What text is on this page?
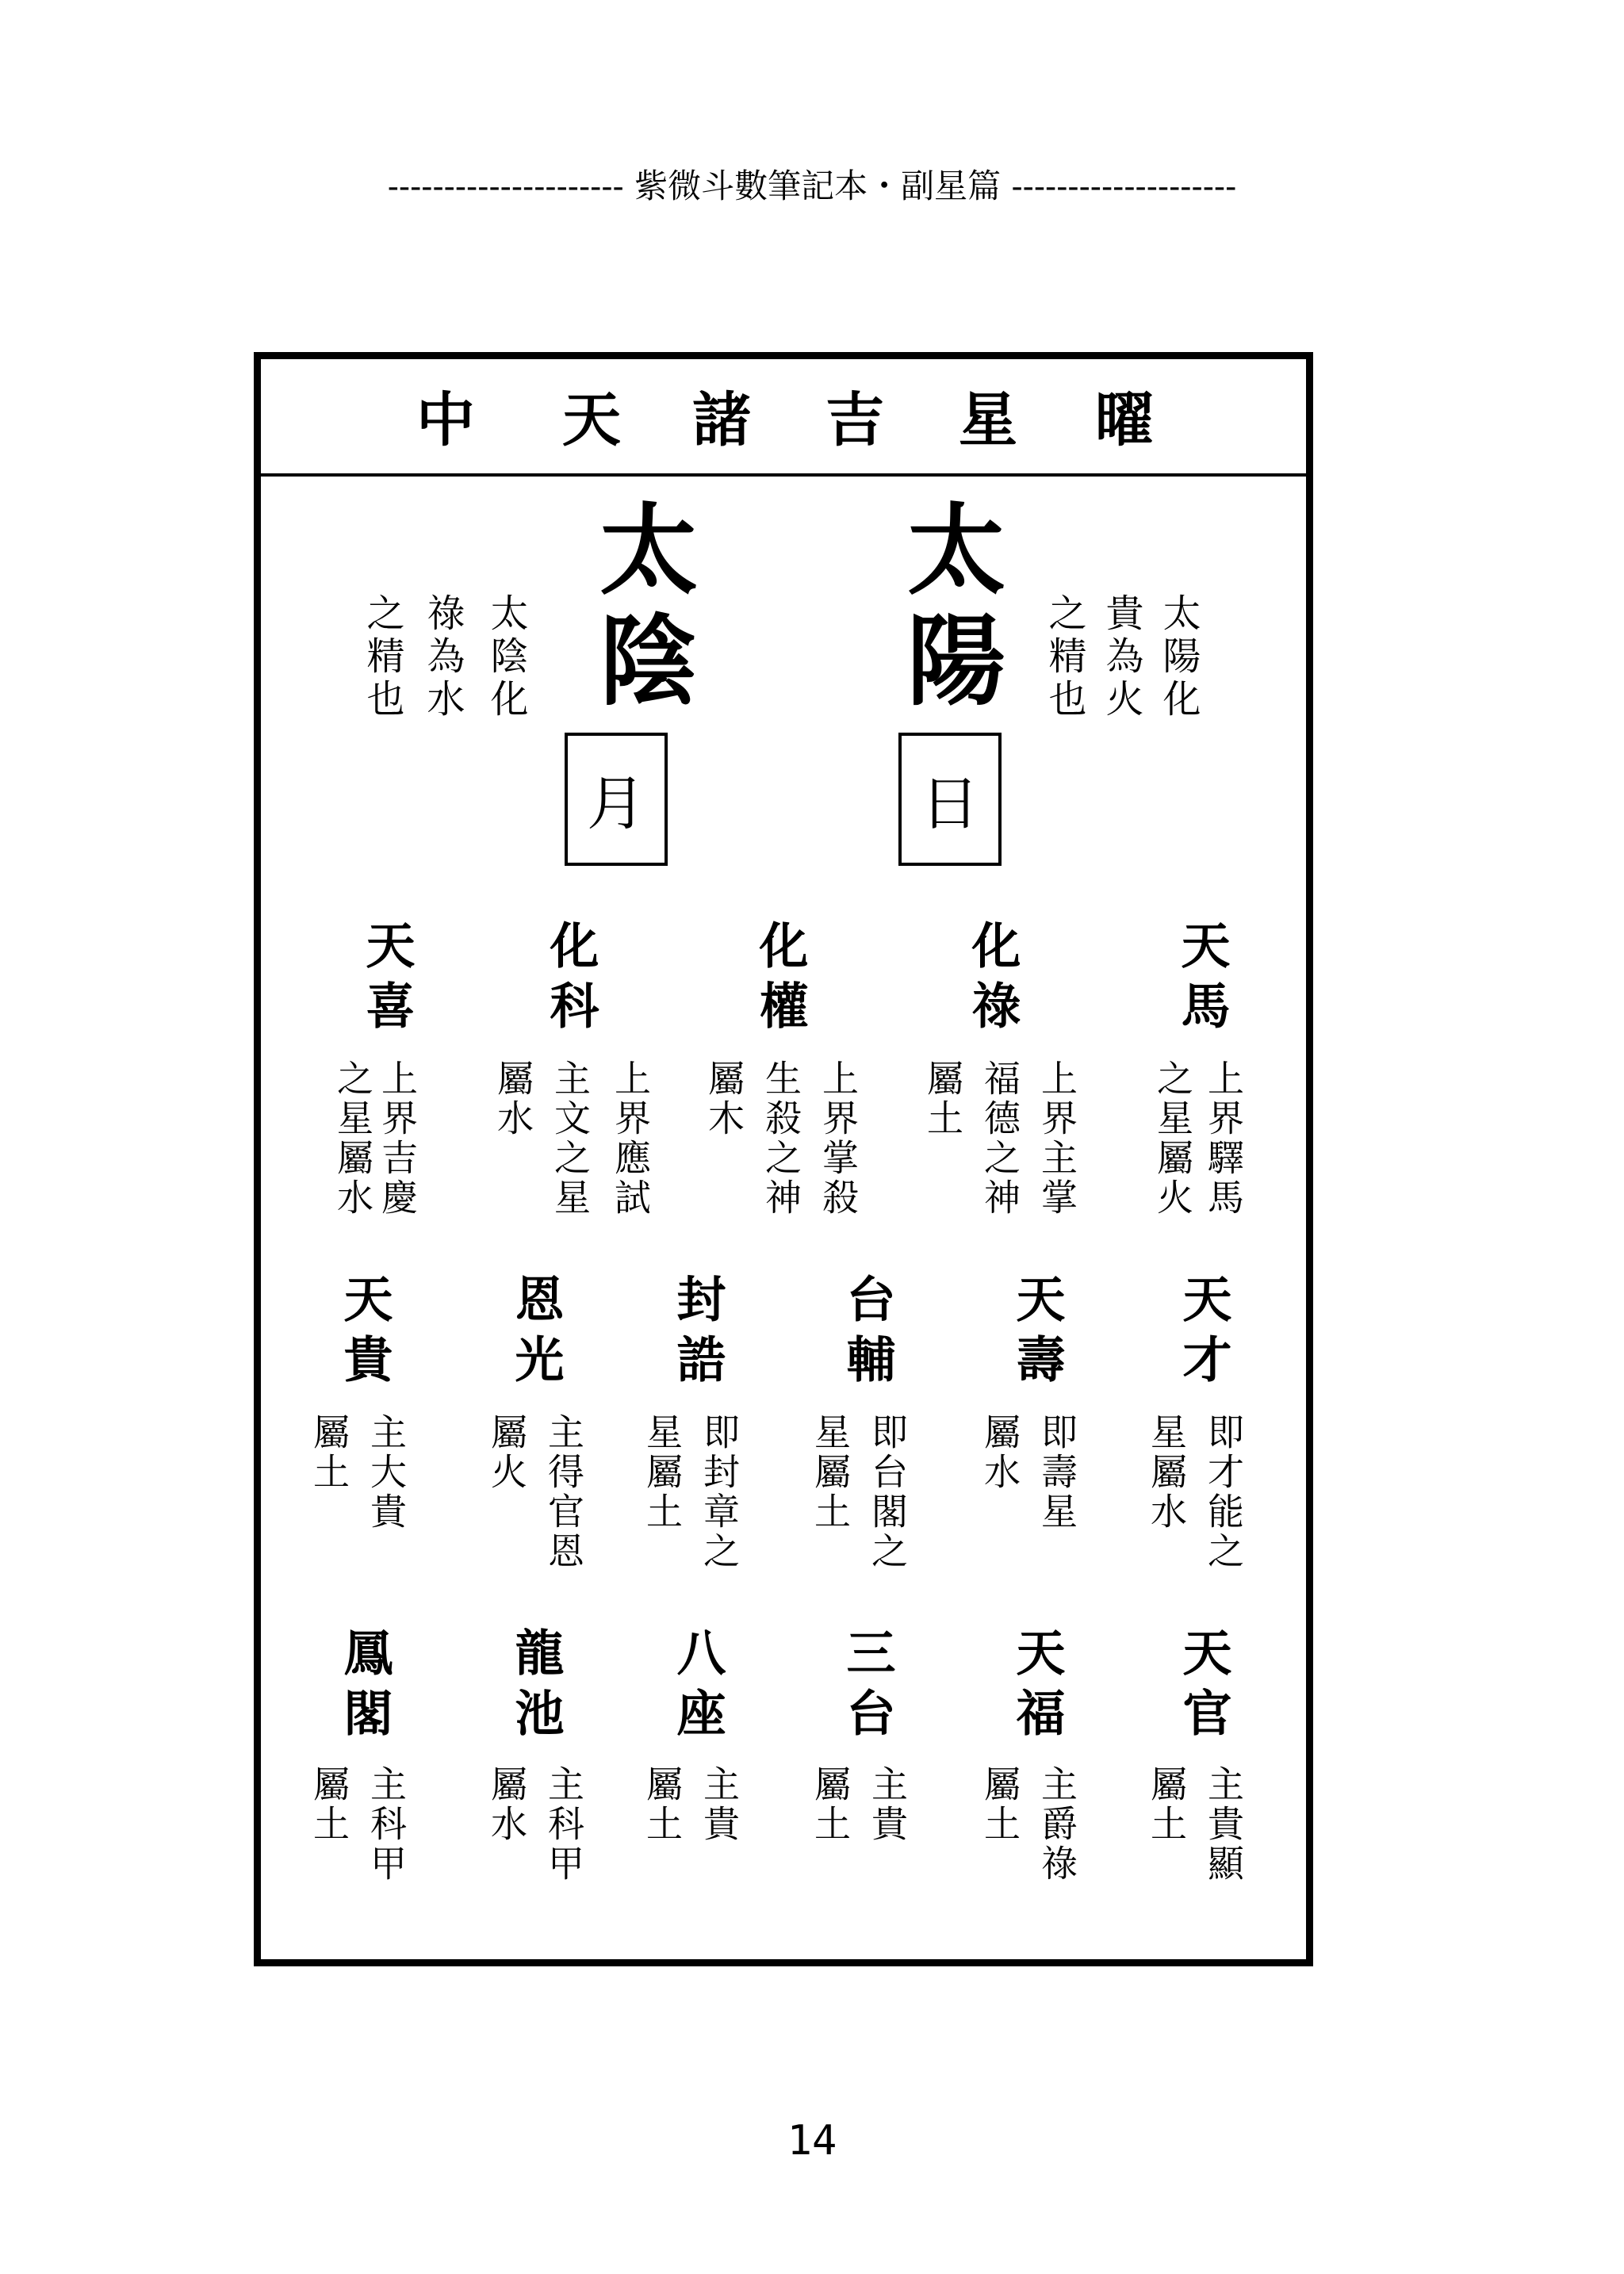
--------------------- 紫微斗數筆記本・副星篇 --------------------
中 天 諸 吉 星 曜
太陰
太陰化
祿為水
之精也
月
太陽	太陽化
貴為火
之精也
日
天喜
上界吉慶
之星屬水
化科
上界應試
主文之星
屬水
化權
上界掌殺
生殺之神
屬木
化祿
上界主掌
福德之神
屬土
天馬
上界驛馬
之星屬火
天貴
主大貴
屬土
恩光
主得官恩
屬火
封誥
即封章之
星屬土
台輔
即台閣之
星屬土
天壽
即壽星
屬水
天才
即才能之
星屬水
鳳閣
主科甲
屬土
龍池
主科甲
屬水
八座
主貴
屬土
三台
主貴
屬土
天福
主爵祿
屬土
天官
主貴顯
屬土
14
